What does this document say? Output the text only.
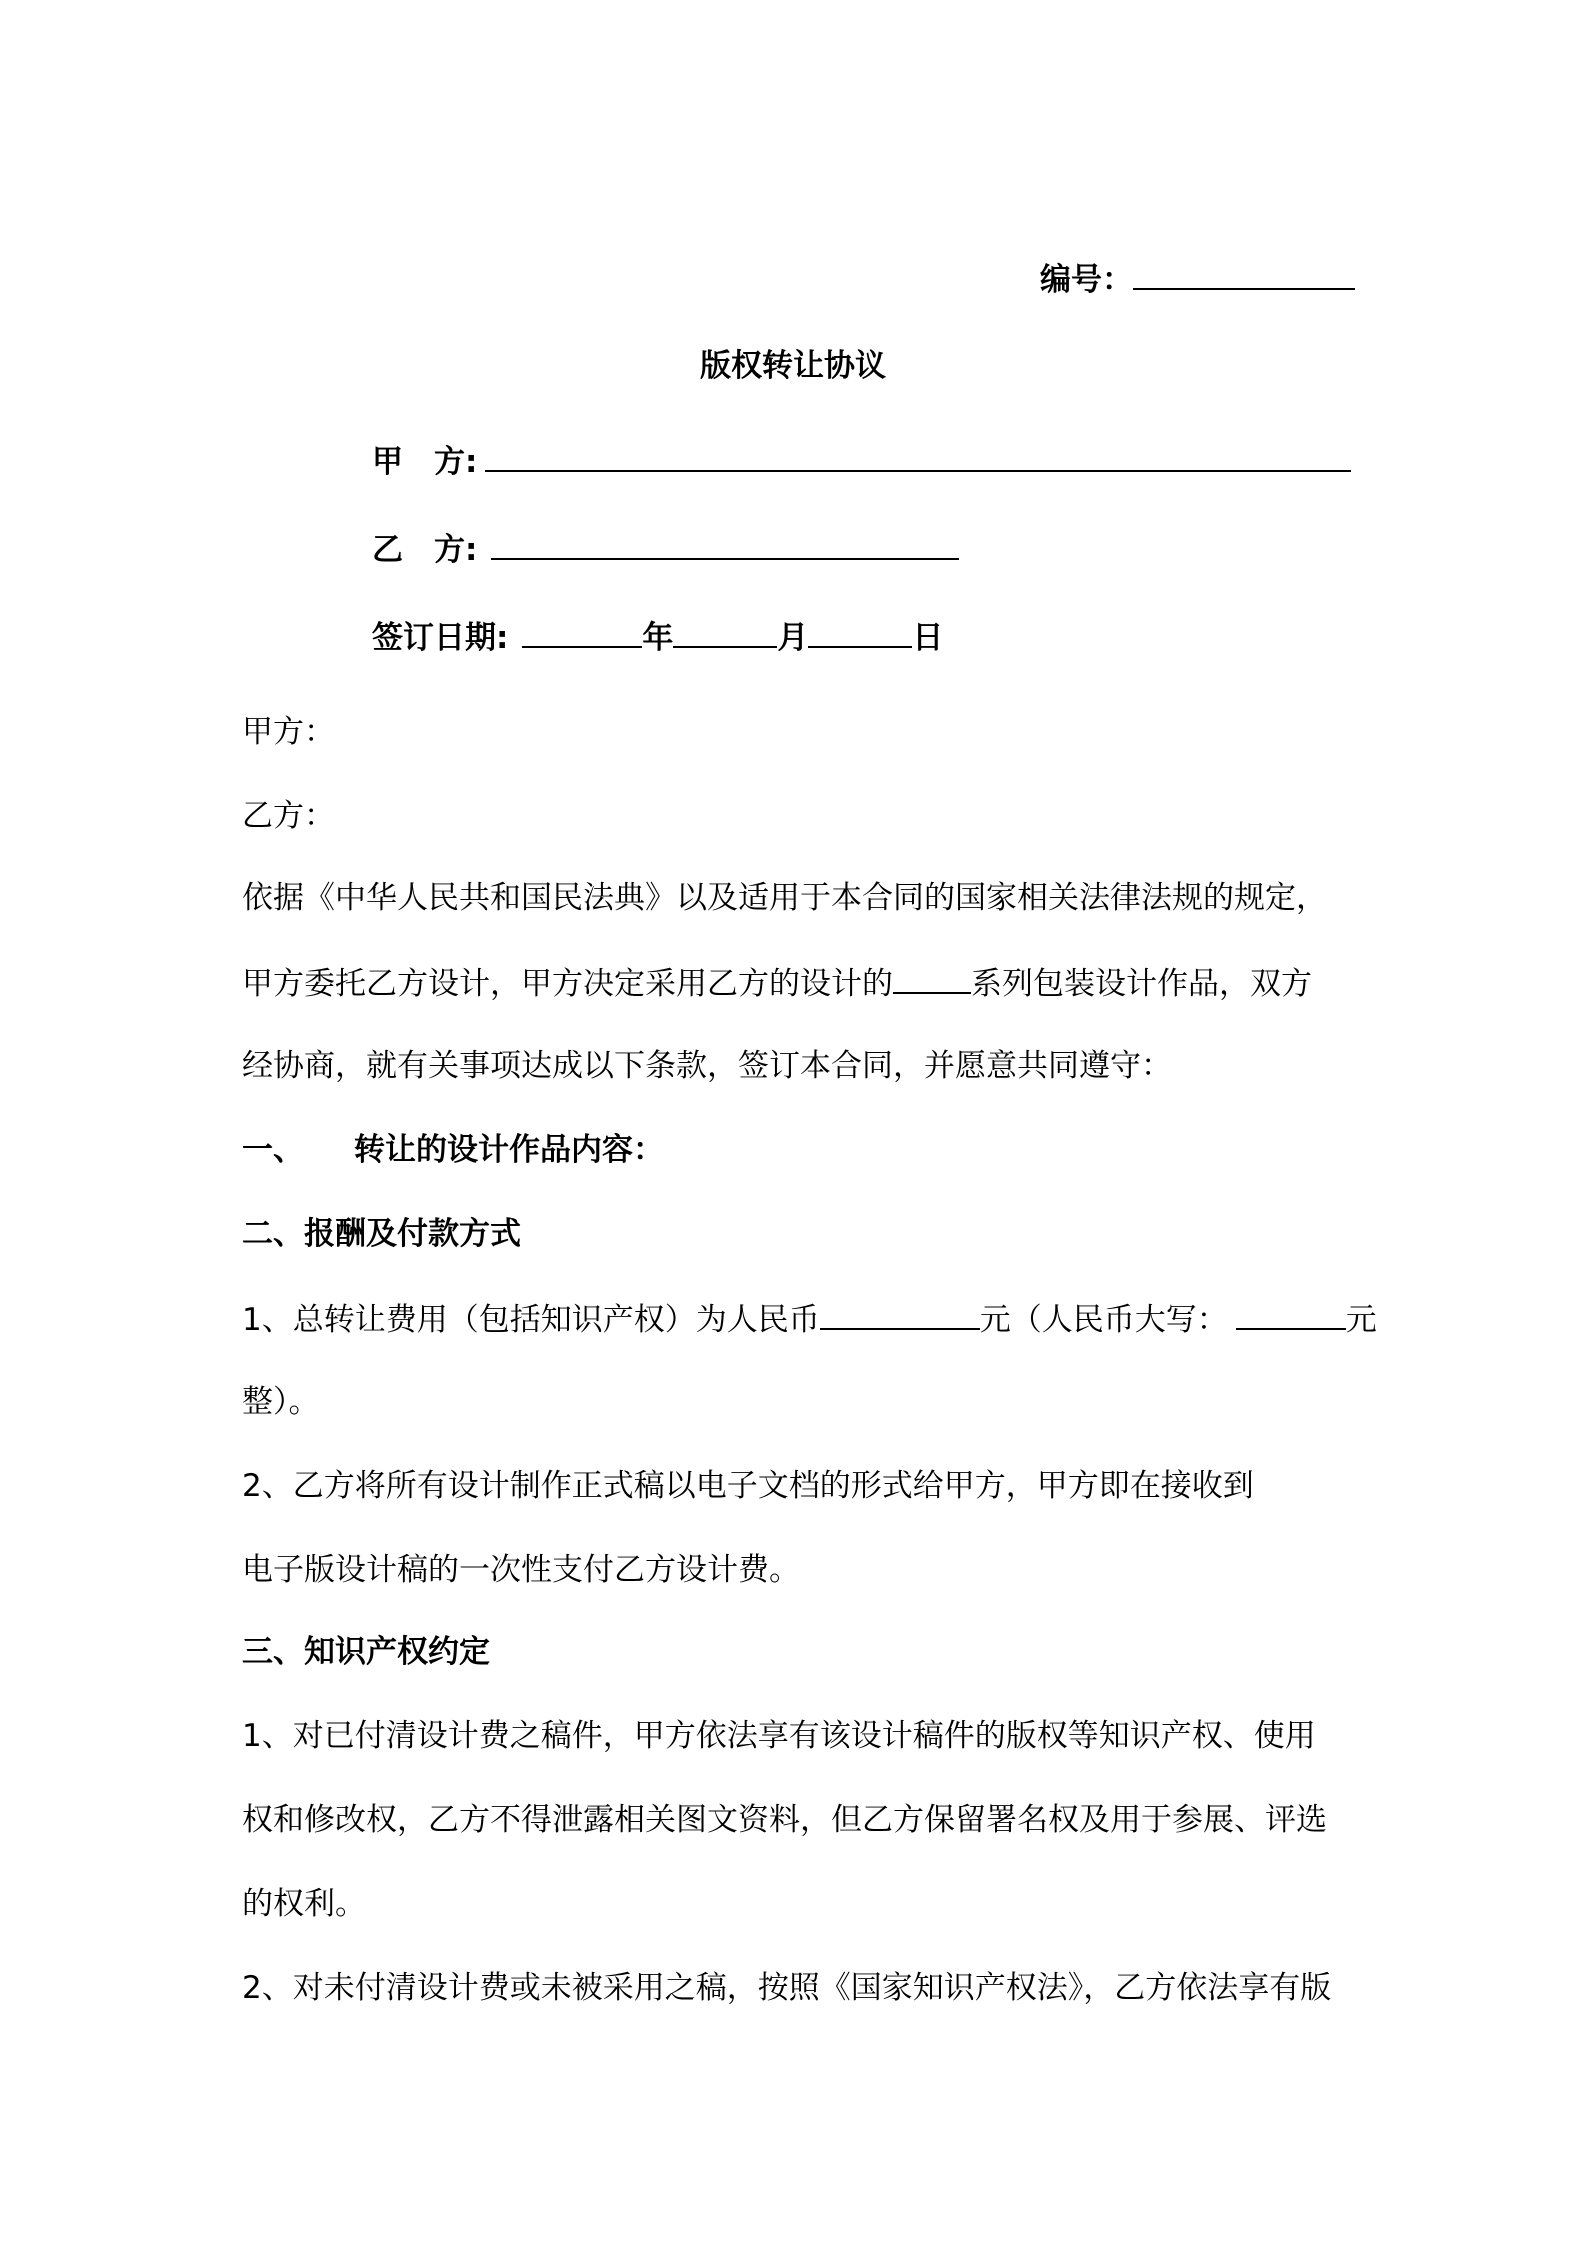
编号：
版权转让协议
甲　方:
乙　方:
签订日期:	年	月	日
甲方：
乙方：
依据《中华人民共和国民法典》以及适用于本合同的国家相关法律法规的规定，
甲方委托乙方设计，甲方决定采用乙方的设计的	系列包装设计作品，双方
经协商，就有关事项达成以下条款，签订本合同，并愿意共同遵守：
一、 转让的设计作品内容：
二、报酬及付款方式
1、总转让费用（包括知识产权）为人民币	元（人民币大写：	元
整）。
2、乙方将所有设计制作正式稿以电子文档的形式给甲方，甲方即在接收到
电子版设计稿的一次性支付乙方设计费。
三、知识产权约定
1、对已付清设计费之稿件，甲方依法享有该设计稿件的版权等知识产权、使用
权和修改权，乙方不得泄露相关图文资料，但乙方保留署名权及用于参展、评选
的权利。
2、对未付清设计费或未被采用之稿，按照《国家知识产权法》，乙方依法享有版
